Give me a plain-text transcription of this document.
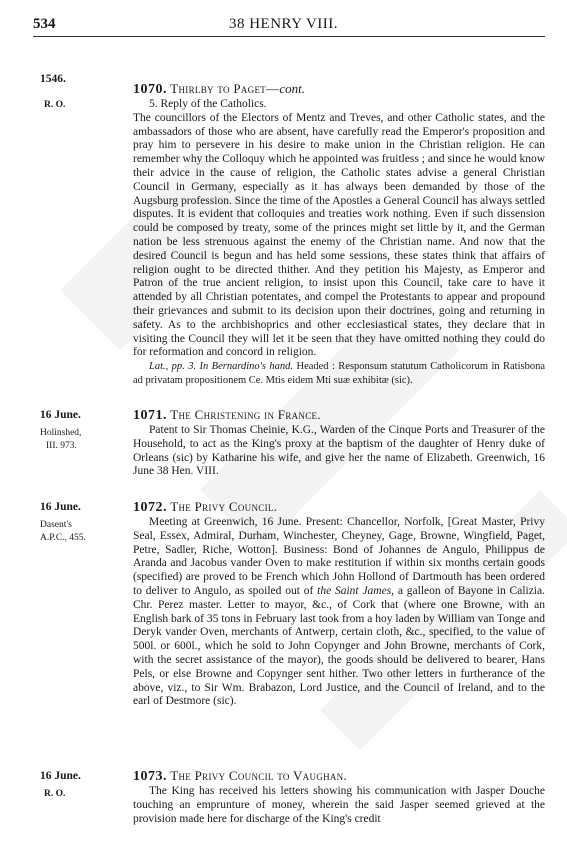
534	38 HENRY VIII.
1546.
R. O.
1070. Thirlby to Paget—cont.

5. Reply of the Catholics.

The councillors of the Electors of Mentz and Treves, and other Catholic states, and the ambassadors of those who are absent, have carefully read the Emperor's proposition and pray him to persevere in his desire to make union in the Christian religion. He can remember why the Colloquy which he appointed was fruitless ; and since he would know their advice in the cause of religion, the Catholic states advise a general Christian Council in Germany, especially as it has always been demanded by those of the Augsburg profession. Since the time of the Apostles a General Council has always settled disputes. It is evident that colloquies and treaties work nothing. Even if such dissension could be composed by treaty, some of the princes might set little by it, and the German nation be less strenuous against the enemy of the Christian name. And now that the desired Council is begun and has held some sessions, these states think that affairs of religion ought to be directed thither. And they petition his Majesty, as Emperor and Patron of the true ancient religion, to insist upon this Council, take care to have it attended by all Christian potentates, and compel the Protestants to appear and propound their grievances and submit to its decision upon their doctrines, going and returning in safety. As to the archbishoprics and other ecclesiastical states, they declare that in visiting the Council they will let it be seen that they have omitted nothing they could do for reformation and concord in religion.

Lat., pp. 3. In Bernardino's hand. Headed : Responsum statutum Catholicorum in Ratisbona ad privatam propositionem Ce. Mtis eidem Mti suæ exhibitæ (sic).

16 June.
Holinshed,
III. 973.
1071. The Christening in France.

Patent to Sir Thomas Cheinie, K.G., Warden of the Cinque Ports and Treasurer of the Household, to act as the King's proxy at the baptism of the daughter of Henry duke of Orleans (sic) by Katharine his wife, and give her the name of Elizabeth. Greenwich, 16 June 38 Hen. VIII.

16 June.
Dasent's
A.P.C., 455.
1072. The Privy Council.

Meeting at Greenwich, 16 June. Present: Chancellor, Norfolk, [Great Master, Privy Seal, Essex, Admiral, Durham, Winchester, Cheyney, Gage, Browne, Wingfield, Paget, Petre, Sadler, Riche, Wotton]. Business: Bond of Johannes de Angulo, Philippus de Aranda and Jacobus vander Oven to make restitution if within six months certain goods (specified) are proved to be French which John Hollond of Dartmouth has been ordered to deliver to Angulo, as spoiled out of the Saint James, a galleon of Bayone in Calizia. Chr. Perez master. Letter to mayor, &c., of Cork that (where one Browne, with an English bark of 35 tons in February last took from a hoy laden by William van Tonge and Deryk vander Oven, merchants of Antwerp, certain cloth, &c., specified, to the value of 500l. or 600l., which he sold to John Copynger and John Browne, merchants of Cork, with the secret assistance of the mayor), the goods should be delivered to bearer, Hans Pels, or else Browne and Copynger sent hither. Two other letters in furtherance of the above, viz., to Sir Wm. Brabazon, Lord Justice, and the Council of Ireland, and to the earl of Destmore (sic).

16 June.
R. O.
1073. The Privy Council to Vaughan.

The King has received his letters showing his communication with Jasper Douche touching an emprunture of money, wherein the said Jasper seemed grieved at the provision made here for discharge of the King's credit
